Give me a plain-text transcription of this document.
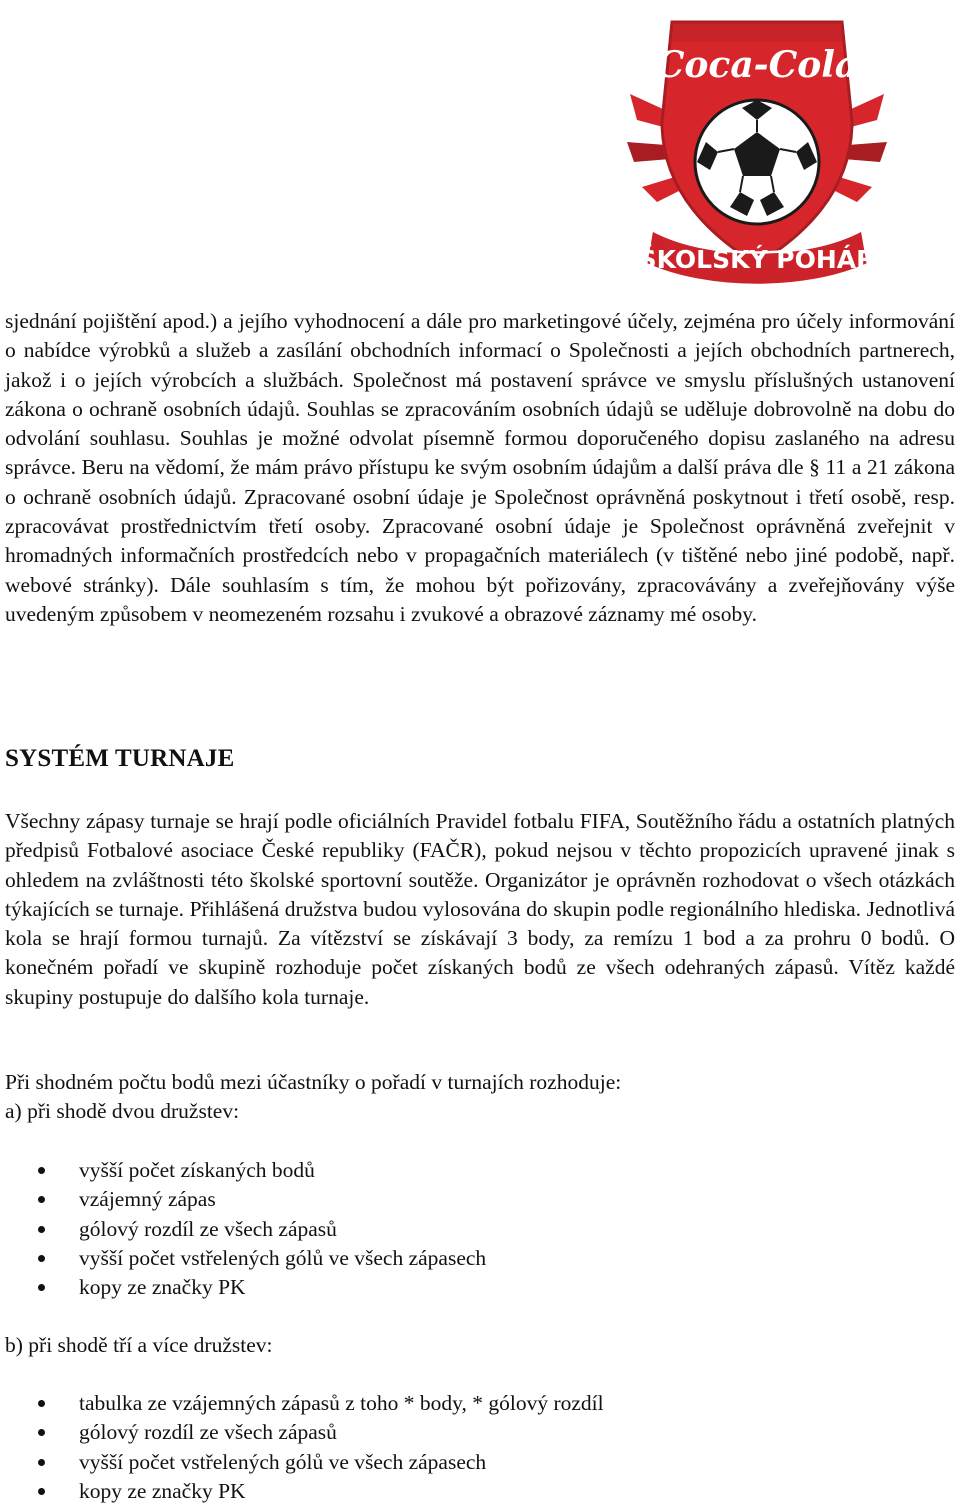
Coca-Cola
ŠKOLSKÝ POHÁR

sjednání pojištění apod.) a jejího vyhodnocení a dále pro marketingové účely, zejména pro účely informování o nabídce výrobků a služeb a zasílání obchodních informací o Společnosti a jejích obchodních partnerech, jakož i o jejích výrobcích a službách. Společnost má postavení správce ve smyslu příslušných ustanovení zákona o ochraně osobních údajů. Souhlas se zpracováním osobních údajů se uděluje dobrovolně na dobu do odvolání souhlasu. Souhlas je možné odvolat písemně formou doporučeného dopisu zaslaného na adresu správce. Beru na vědomí, že mám právo přístupu ke svým osobním údajům a další práva dle § 11 a 21 zákona o ochraně osobních údajů. Zpracované osobní údaje je Společnost oprávněná poskytnout i třetí osobě, resp. zpracovávat prostřednictvím třetí osoby. Zpracované osobní údaje je Společnost oprávněná zveřejnit v hromadných informačních prostředcích nebo v propagačních materiálech (v tištěné nebo jiné podobě, např. webové stránky). Dále souhlasím s tím, že mohou být pořizovány, zpracovávány a zveřejňovány výše uvedeným způsobem v neomezeném rozsahu i zvukové a obrazové záznamy mé osoby.

SYSTÉM TURNAJE

Všechny zápasy turnaje se hrají podle oficiálních Pravidel fotbalu FIFA, Soutěžního řádu a ostatních platných předpisů Fotbalové asociace České republiky (FAČR), pokud nejsou v těchto propozicích upravené jinak s ohledem na zvláštnosti této školské sportovní soutěže. Organizátor je oprávněn rozhodovat o všech otázkách týkajících se turnaje. Přihlášená družstva budou vylosována do skupin podle regionálního hlediska. Jednotlivá kola se hrají formou turnajů. Za vítězství se získávají 3 body, za remízu 1 bod a za prohru 0 bodů. O konečném pořadí ve skupině rozhoduje počet získaných bodů ze všech odehraných zápasů. Vítěz každé skupiny postupuje do dalšího kola turnaje.

Při shodném počtu bodů mezi účastníky o pořadí v turnajích rozhoduje:

a) při shodě dvou družstev:

vyšší počet získaných bodů
vzájemný zápas
gólový rozdíl ze všech zápasů
vyšší počet vstřelených gólů ve všech zápasech
kopy ze značky PK

b) při shodě tří a více družstev:

tabulka ze vzájemných zápasů z toho * body, * gólový rozdíl
gólový rozdíl ze všech zápasů
vyšší počet vstřelených gólů ve všech zápasech
kopy ze značky PK
